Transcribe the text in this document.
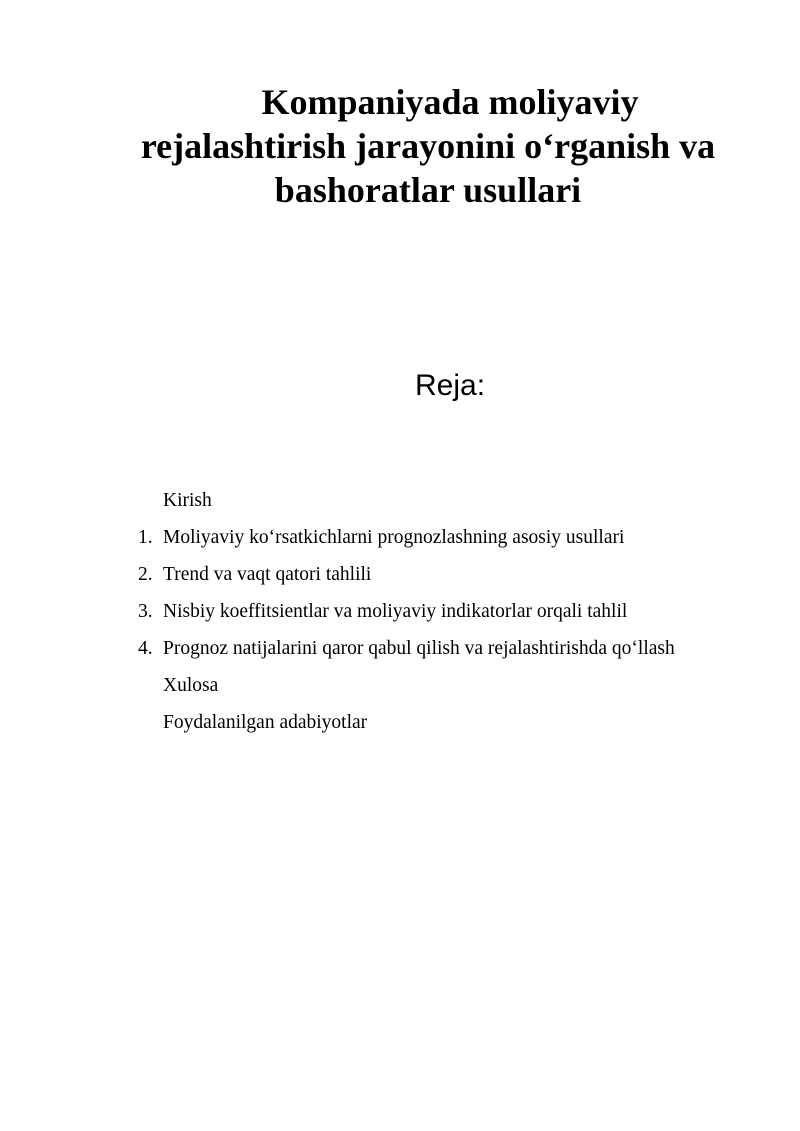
Kompaniyada moliyaviy
rejalashtirish jarayonini o‘rganish va
bashoratlar usullari
Reja:
Kirish
1. Moliyaviy ko‘rsatkichlarni prognozlashning asosiy usullari
2. Trend va vaqt qatori tahlili
3. Nisbiy koeffitsientlar va moliyaviy indikatorlar orqali tahlil
4. Prognoz natijalarini qaror qabul qilish va rejalashtirishda qo‘llash
Xulosa
Foydalanilgan adabiyotlar
